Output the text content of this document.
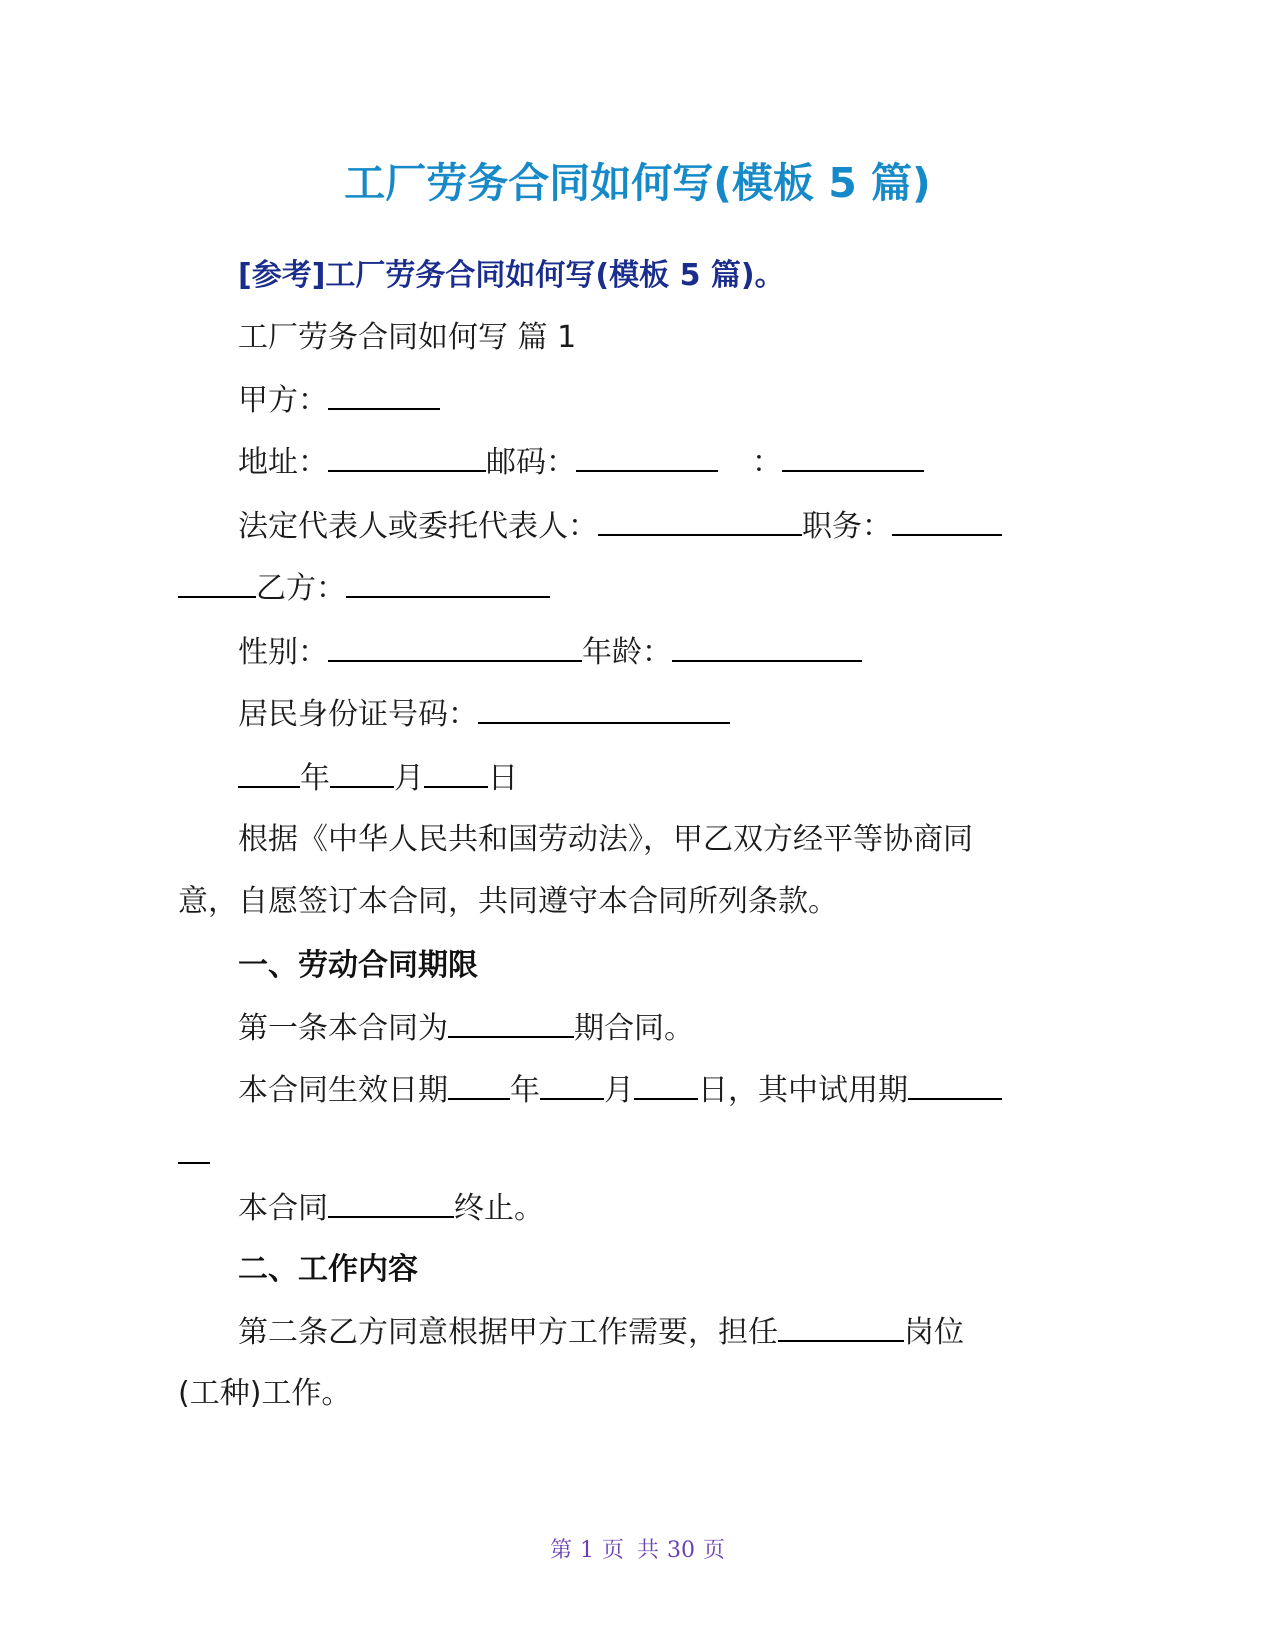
工厂劳务合同如何写(模板 5 篇)
[参考]工厂劳务合同如何写(模板 5 篇)。
工厂劳务合同如何写 篇 1
甲方：
地址：	邮码：	：
法定代表人或委托代表人：	职务：
乙方：
性别：	年龄：
居民身份证号码：
年 月 日
根据《中华人民共和国劳动法》，甲乙双方经平等协商同
意，自愿签订本合同，共同遵守本合同所列条款。
一、劳动合同期限
第一条本合同为	期合同。
本合同生效日期 年 月 日，其中试用期
本合同	终止。
二、工作内容
第二条乙方同意根据甲方工作需要，担任	岗位
(工种)工作。
第 1 页 共 30 页
